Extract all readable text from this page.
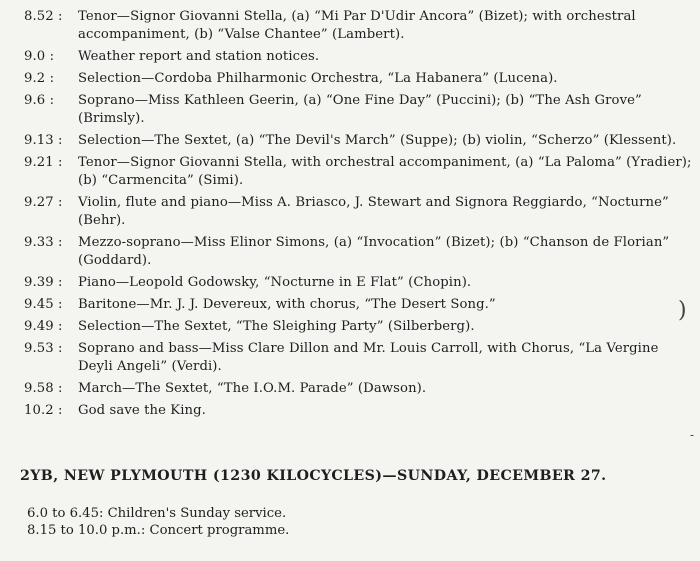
8.52 :	Tenor—Signor Giovanni Stella, (a) “Mi Par D'Udir Ancora” (Bizet); with orchestral accompaniment, (b) “Valse Chantee” (Lambert).
9.0 :	Weather report and station notices.
9.2 :	Selection—Cordoba Philharmonic Orchestra, “La Habanera” (Lucena).
9.6 :	Soprano—Miss Kathleen Geerin, (a) “One Fine Day” (Puccini); (b) “The Ash Grove” (Brimsly).
9.13 :	Selection—The Sextet, (a) “The Devil's March” (Suppe); (b) violin, “Scherzo” (Klessent).
9.21 :	Tenor—Signor Giovanni Stella, with orchestral accompaniment, (a) “La Paloma” (Yradier); (b) “Carmencita” (Simi).
9.27 :	Violin, flute and piano—Miss A. Briasco, J. Stewart and Signora Reggiardo, “Nocturne” (Behr).
9.33 :	Mezzo-soprano—Miss Elinor Simons, (a) “Invocation” (Bizet); (b) “Chanson de Florian” (Goddard).
9.39 :	Piano—Leopold Godowsky, “Nocturne in E Flat” (Chopin).
9.45 :	Baritone—Mr. J. J. Devereux, with chorus, “The Desert Song.”
9.49 :	Selection—The Sextet, “The Sleighing Party” (Silberberg).
9.53 :	Soprano and bass—Miss Clare Dillon and Mr. Louis Carroll, with Chorus, “La Vergine Deyli Angeli” (Verdi).
9.58 :	March—The Sextet, “The I.O.M. Parade” (Dawson).
10.2 :	God save the King.
)
-
2YB, NEW PLYMOUTH (1230 KILOCYCLES)—SUNDAY, DECEMBER 27.
6.0 to 6.45: Children's Sunday service.
8.15 to 10.0 p.m.: Concert programme.
